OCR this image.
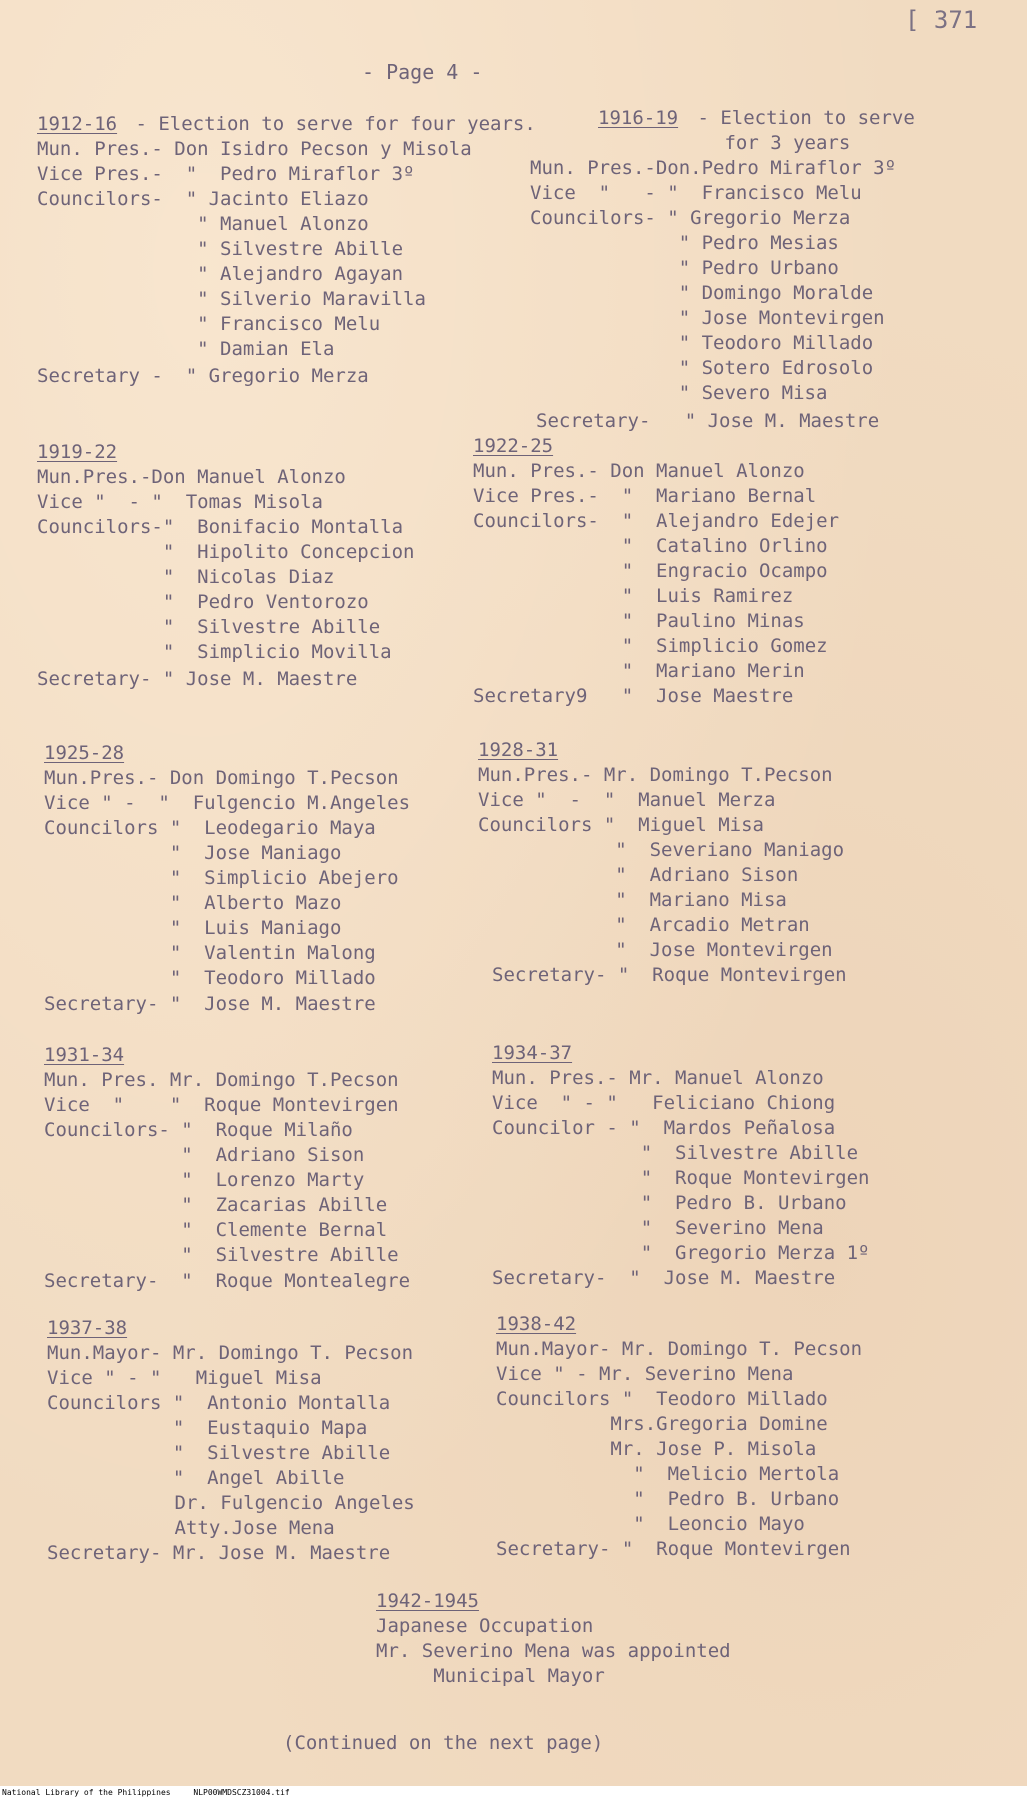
[ 371
- Page 4 -
1912-16 - Election to serve for four years.
Mun. Pres.- Don Isidro Pecson y Misola
Vice Pres.-  "  Pedro Miraflor 3º
Councilors-  " Jacinto Eliazo
" Manuel Alonzo
" Silvestre Abille
" Alejandro Agayan
" Silverio Maravilla
" Francisco Melu
" Damian Ela
Secretary -  " Gregorio Merza
1916-19 - Election to serve
for 3 years
Mun. Pres.-Don.Pedro Miraflor 3º
Vice  "   - "  Francisco Melu
Councilors- " Gregorio Merza
" Pedro Mesias
" Pedro Urbano
" Domingo Moralde
" Jose Montevirgen
" Teodoro Millado
" Sotero Edrosolo
" Severo Misa
Secretary-   " Jose M. Maestre
1919-22
Mun.Pres.-Don Manuel Alonzo
Vice "  - "  Tomas Misola
Councilors-"  Bonifacio Montalla
"  Hipolito Concepcion
"  Nicolas Diaz
"  Pedro Ventorozo
"  Silvestre Abille
"  Simplicio Movilla
Secretary- " Jose M. Maestre
1922-25
Mun. Pres.- Don Manuel Alonzo
Vice Pres.-  "  Mariano Bernal
Councilors-  "  Alejandro Edejer
"  Catalino Orlino
"  Engracio Ocampo
"  Luis Ramirez
"  Paulino Minas
"  Simplicio Gomez
"  Mariano Merin
Secretary9   "  Jose Maestre
1925-28
Mun.Pres.- Don Domingo T.Pecson
Vice " -  "  Fulgencio M.Angeles
Councilors "  Leodegario Maya
"  Jose Maniago
"  Simplicio Abejero
"  Alberto Mazo
"  Luis Maniago
"  Valentin Malong
"  Teodoro Millado
Secretary- "  Jose M. Maestre
1928-31
Mun.Pres.- Mr. Domingo T.Pecson
Vice "  -  "  Manuel Merza
Councilors "  Miguel Misa
"  Severiano Maniago
"  Adriano Sison
"  Mariano Misa
"  Arcadio Metran
"  Jose Montevirgen
Secretary- "  Roque Montevirgen
1931-34
Mun. Pres. Mr. Domingo T.Pecson
Vice  "    "  Roque Montevirgen
Councilors- "  Roque Milaño
"  Adriano Sison
"  Lorenzo Marty
"  Zacarias Abille
"  Clemente Bernal
"  Silvestre Abille
Secretary-  "  Roque Montealegre
1934-37
Mun. Pres.- Mr. Manuel Alonzo
Vice  " - "   Feliciano Chiong
Councilor - "  Mardos Peñalosa
"  Silvestre Abille
"  Roque Montevirgen
"  Pedro B. Urbano
"  Severino Mena
"  Gregorio Merza 1º
Secretary-  "  Jose M. Maestre
1937-38
Mun.Mayor- Mr. Domingo T. Pecson
Vice " - "   Miguel Misa
Councilors "  Antonio Montalla
"  Eustaquio Mapa
"  Silvestre Abille
"  Angel Abille
Dr. Fulgencio Angeles
Atty.Jose Mena
Secretary- Mr. Jose M. Maestre
1938-42
Mun.Mayor- Mr. Domingo T. Pecson
Vice " - Mr. Severino Mena
Councilors "  Teodoro Millado
Mrs.Gregoria Domine
Mr. Jose P. Misola
"  Melicio Mertola
"  Pedro B. Urbano
"  Leoncio Mayo
Secretary- "  Roque Montevirgen
1942-1945
Japanese Occupation
Mr. Severino Mena was appointed
Municipal Mayor
(Continued on the next page)
National Library of the Philippines	NLP00WMDSCZ31004.tif
